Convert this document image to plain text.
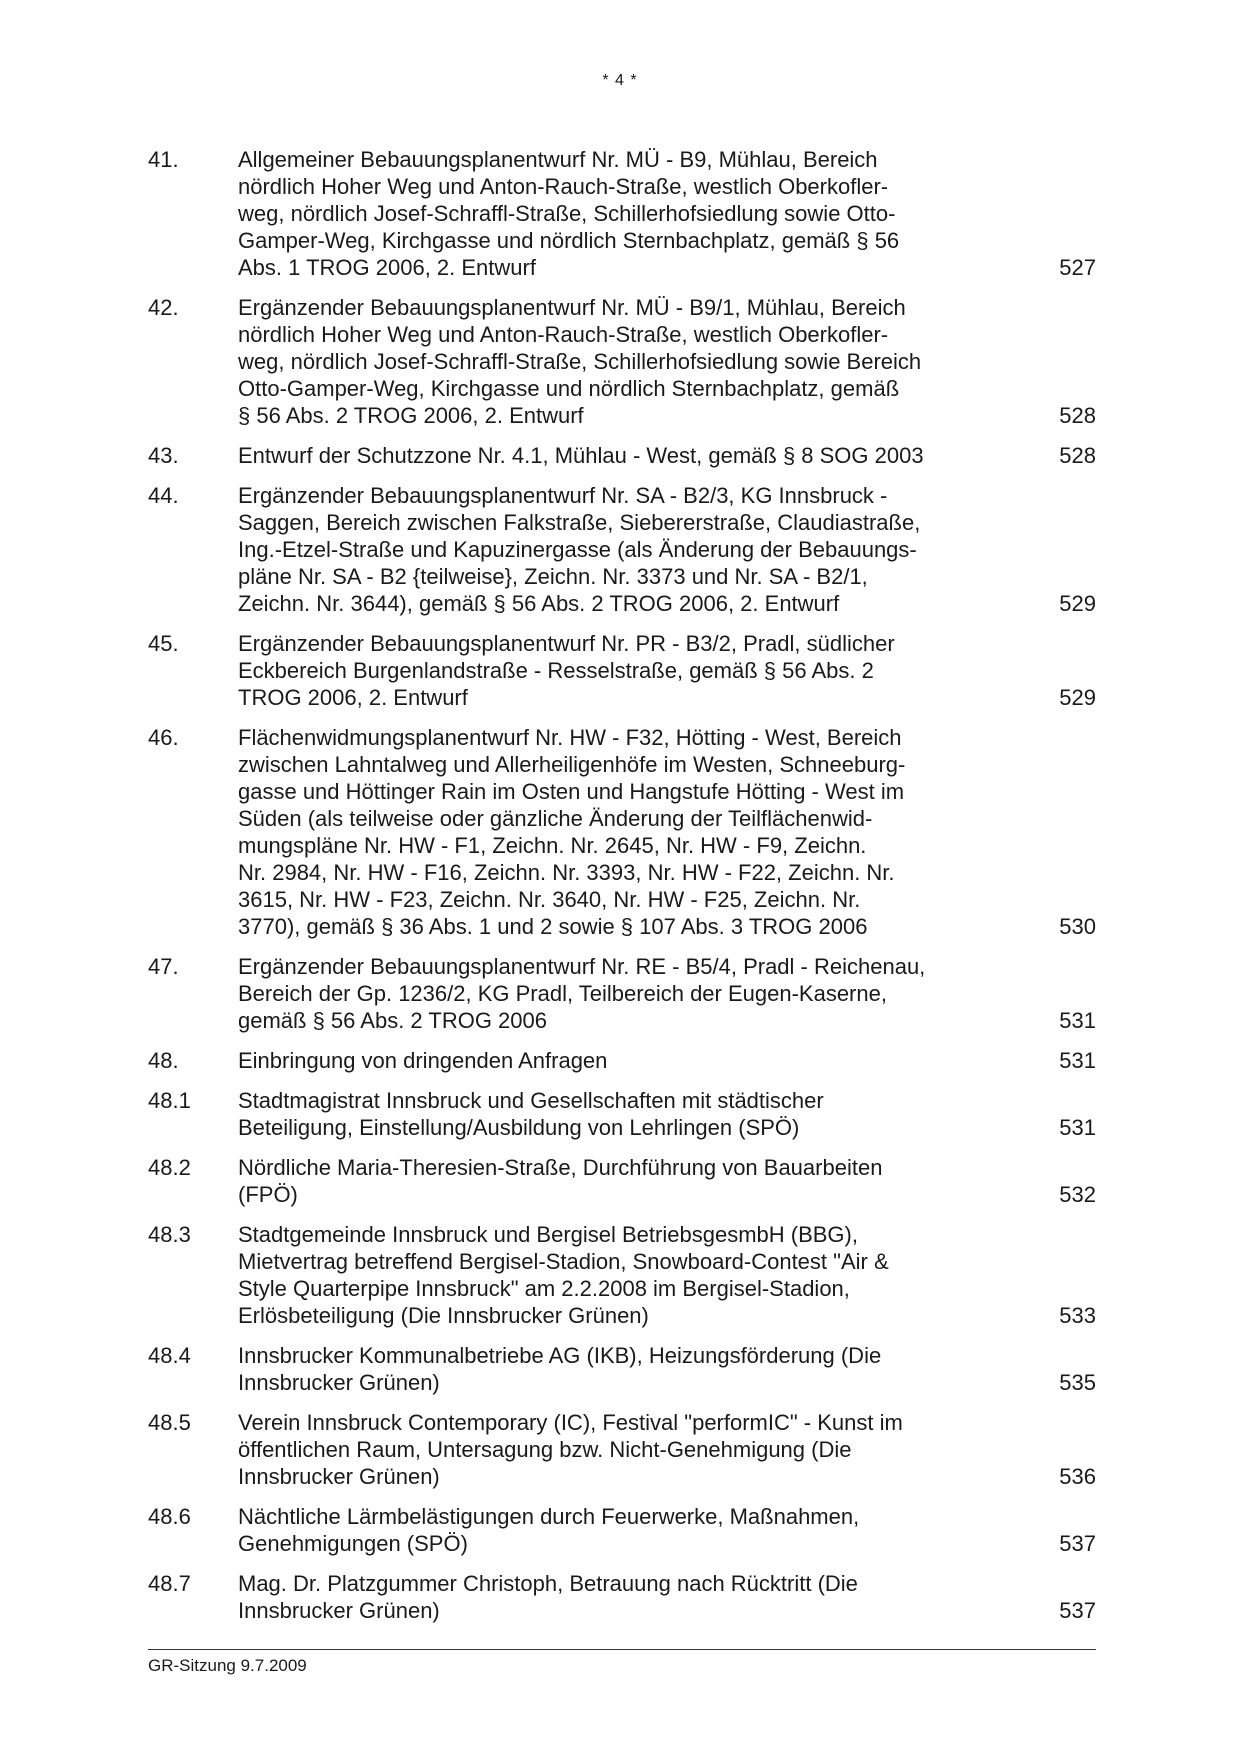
* 4 *
41.	Allgemeiner Bebauungsplanentwurf Nr. MÜ - B9, Mühlau, Bereich
nördlich Hoher Weg und Anton-Rauch-Straße, westlich Oberkofler-
weg, nördlich Josef-Schraffl-Straße, Schillerhofsiedlung sowie Otto-
Gamper-Weg, Kirchgasse und nördlich Sternbachplatz, gemäß § 56
Abs. 1 TROG 2006, 2. Entwurf	527
42.	Ergänzender Bebauungsplanentwurf Nr. MÜ - B9/1, Mühlau, Bereich
nördlich Hoher Weg und Anton-Rauch-Straße, westlich Oberkofler-
weg, nördlich Josef-Schraffl-Straße, Schillerhofsiedlung sowie Bereich
Otto-Gamper-Weg, Kirchgasse und nördlich Sternbachplatz, gemäß
§ 56 Abs. 2 TROG 2006, 2. Entwurf	528
43.	Entwurf der Schutzzone Nr. 4.1, Mühlau - West, gemäß § 8 SOG 2003	528
44.	Ergänzender Bebauungsplanentwurf Nr. SA - B2/3, KG Innsbruck -
Saggen, Bereich zwischen Falkstraße, Siebererstraße, Claudiastraße,
Ing.-Etzel-Straße und Kapuzinergasse (als Änderung der Bebauungs-
pläne Nr. SA - B2 {teilweise}, Zeichn. Nr. 3373 und Nr. SA - B2/1,
Zeichn. Nr. 3644), gemäß § 56 Abs. 2 TROG 2006, 2. Entwurf	529
45.	Ergänzender Bebauungsplanentwurf Nr. PR - B3/2, Pradl, südlicher
Eckbereich Burgenlandstraße - Resselstraße, gemäß § 56 Abs. 2
TROG 2006, 2. Entwurf	529
46.	Flächenwidmungsplanentwurf Nr. HW - F32, Hötting - West, Bereich
zwischen Lahntalweg und Allerheiligenhöfe im Westen, Schneeburg-
gasse und Höttinger Rain im Osten und Hangstufe Hötting - West im
Süden (als teilweise oder gänzliche Änderung der Teilflächenwid-
mungspläne Nr. HW - F1, Zeichn. Nr. 2645, Nr. HW - F9, Zeichn.
Nr. 2984, Nr. HW - F16, Zeichn. Nr. 3393, Nr. HW - F22, Zeichn. Nr.
3615, Nr. HW - F23, Zeichn. Nr. 3640, Nr. HW - F25, Zeichn. Nr.
3770), gemäß § 36 Abs. 1 und 2 sowie § 107 Abs. 3 TROG 2006	530
47.	Ergänzender Bebauungsplanentwurf Nr. RE - B5/4, Pradl - Reichenau,
Bereich der Gp. 1236/2, KG Pradl, Teilbereich der Eugen-Kaserne,
gemäß § 56 Abs. 2 TROG 2006	531
48.	Einbringung von dringenden Anfragen	531
48.1	Stadtmagistrat Innsbruck und Gesellschaften mit städtischer
Beteiligung, Einstellung/Ausbildung von Lehrlingen (SPÖ)	531
48.2	Nördliche Maria-Theresien-Straße, Durchführung von Bauarbeiten
(FPÖ)	532
48.3	Stadtgemeinde Innsbruck und Bergisel BetriebsgesmbH (BBG),
Mietvertrag betreffend Bergisel-Stadion, Snowboard-Contest "Air &
Style Quarterpipe Innsbruck" am 2.2.2008 im Bergisel-Stadion,
Erlösbeteiligung (Die Innsbrucker Grünen)	533
48.4	Innsbrucker Kommunalbetriebe AG (IKB), Heizungsförderung (Die
Innsbrucker Grünen)	535
48.5	Verein Innsbruck Contemporary (IC), Festival "performIC" - Kunst im
öffentlichen Raum, Untersagung bzw. Nicht-Genehmigung (Die
Innsbrucker Grünen)	536
48.6	Nächtliche Lärmbelästigungen durch Feuerwerke, Maßnahmen,
Genehmigungen (SPÖ)	537
48.7	Mag. Dr. Platzgummer Christoph, Betrauung nach Rücktritt (Die
Innsbrucker Grünen)	537
GR-Sitzung 9.7.2009
